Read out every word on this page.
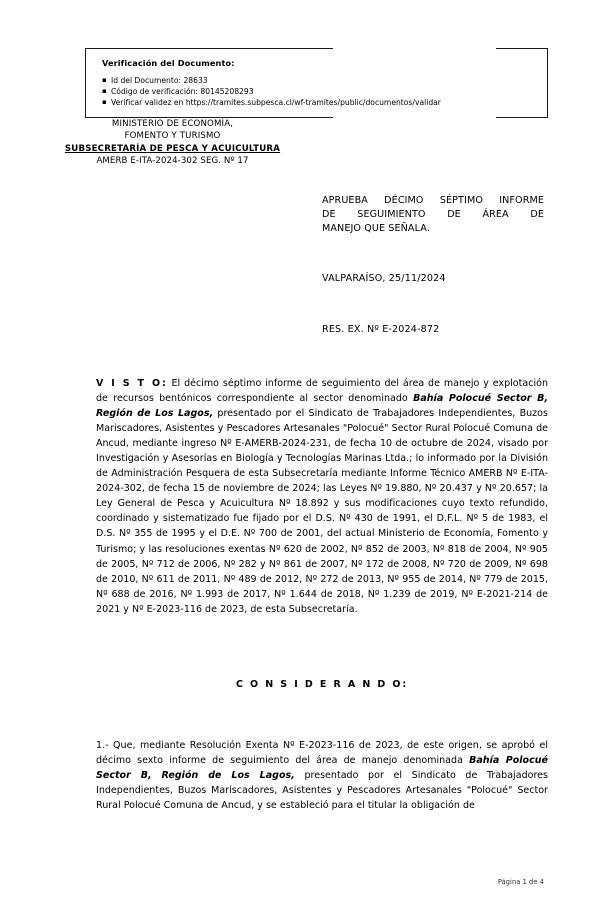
Verificación del Documento:
▪ Id del Documento: 28633
▪ Código de verificación: 80145208293
▪ Verificar validez en https://tramites.subpesca.cl/wf-tramites/public/documentos/validar
MINISTERIO DE ECONOMÍA,
FOMENTO Y TURISMO
SUBSECRETARÍA DE PESCA Y ACUICULTURA
AMERB E-ITA-2024-302 SEG. Nº 17
APRUEBA DÉCIMO SÉPTIMO INFORME
DE SEGUIMIENTO DE ÁREA DE
MANEJO QUE SEÑALA.
VALPARAÍSO, 25/11/2024
RES. EX. Nº E-2024-872
V I S T O: El décimo séptimo informe de seguimiento del área de manejo y explotación de recursos bentónicos correspondiente al sector denominado Bahía Polocué Sector B, Región de Los Lagos, presentado por el Sindicato de Trabajadores Independientes, Buzos Mariscadores, Asistentes y Pescadores Artesanales "Polocué" Sector Rural Polocué Comuna de Ancud, mediante ingreso Nº E-AMERB-2024-231, de fecha 10 de octubre de 2024, visado por Investigación y Asesorías en Biología y Tecnologías Marinas Ltda.; lo informado por la División de Administración Pesquera de esta Subsecretaría mediante Informe Técnico AMERB Nº E-ITA-2024-302, de fecha 15 de noviembre de 2024; las Leyes Nº 19.880, Nº 20.437 y Nº 20.657; la Ley General de Pesca y Acuicultura Nº 18.892 y sus modificaciones cuyo texto refundido, coordinado y sistematizado fue fijado por el D.S. Nº 430 de 1991, el D.F.L. Nº 5 de 1983, el D.S. Nº 355 de 1995 y el D.E. Nº 700 de 2001, del actual Ministerio de Economía, Fomento y Turismo; y las resoluciones exentas Nº 620 de 2002, Nº 852 de 2003, Nº 818 de 2004, Nº 905 de 2005, Nº 712 de 2006, Nº 282 y Nº 861 de 2007, Nº 172 de 2008, Nº 720 de 2009, Nº 698 de 2010, Nº 611 de 2011, Nº 489 de 2012, Nº 272 de 2013, Nº 955 de 2014, Nº 779 de 2015, Nº 688 de 2016, Nº 1.993 de 2017, Nº 1.644 de 2018, Nº 1.239 de 2019, Nº E-2021-214 de 2021 y Nº E-2023-116 de 2023, de esta Subsecretaría.
C O N S I D E R A N D O:
1.- Que, mediante Resolución Exenta Nº E-2023-116 de 2023, de este origen, se aprobó el décimo sexto informe de seguimiento del área de manejo denominada Bahía Polocué Sector B, Región de Los Lagos, presentado por el Sindicato de Trabajadores Independientes, Buzos Mariscadores, Asistentes y Pescadores Artesanales "Polocué" Sector Rural Polocué Comuna de Ancud, y se estableció para el titular la obligación de
Página 1 de 4
